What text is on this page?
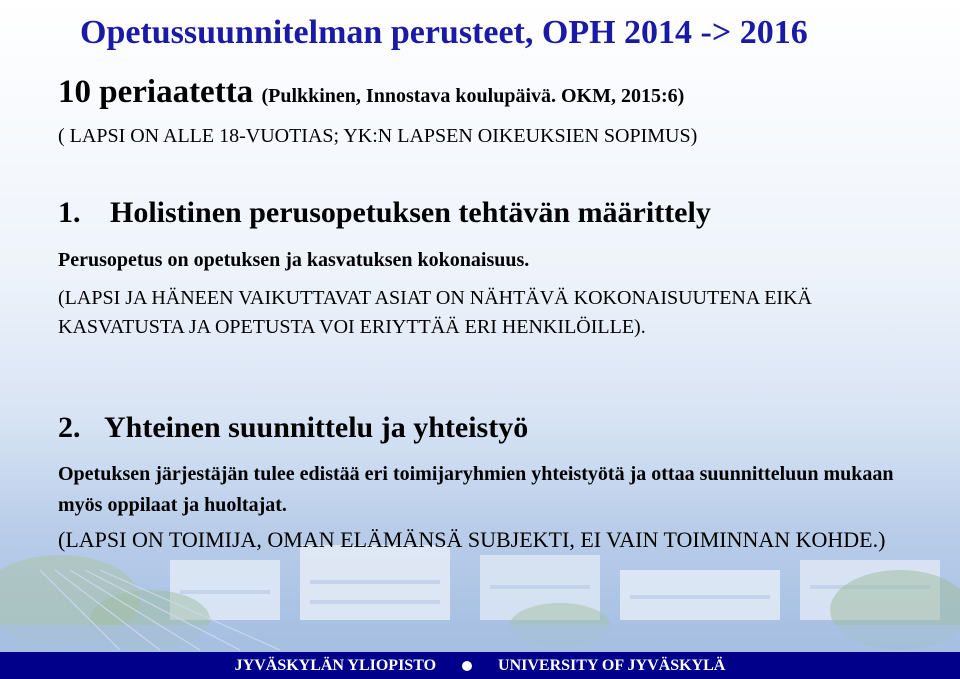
Opetussuunnitelman perusteet, OPH 2014 -> 2016

10 periaatetta (Pulkkinen, Innostava koulupäivä. OKM, 2015:6)

( LAPSI ON ALLE 18-VUOTIAS; YK:N LAPSEN OIKEUKSIEN SOPIMUS)

1. Holistinen perusopetuksen tehtävän määrittely

Perusopetus on opetuksen ja kasvatuksen kokonaisuus.

(LAPSI JA HÄNEEN VAIKUTTAVAT ASIAT ON NÄHTÄVÄ KOKONAISUUTENA EIKÄ KASVATUSTA JA OPETUSTA VOI ERIYTTÄÄ ERI HENKILÖILLE).

2. Yhteinen suunnittelu ja yhteistyö

Opetuksen järjestäjän tulee edistää eri toimijaryhmien yhteistyötä ja ottaa suunnitteluun mukaan myös oppilaat ja huoltajat.

(LAPSI ON TOIMIJA, OMAN ELÄMÄNSÄ SUBJEKTI, EI VAIN TOIMINNAN KOHDE.)

JYVÄSKYLÄN YLIOPISTO	UNIVERSITY OF JYVÄSKYLÄ
